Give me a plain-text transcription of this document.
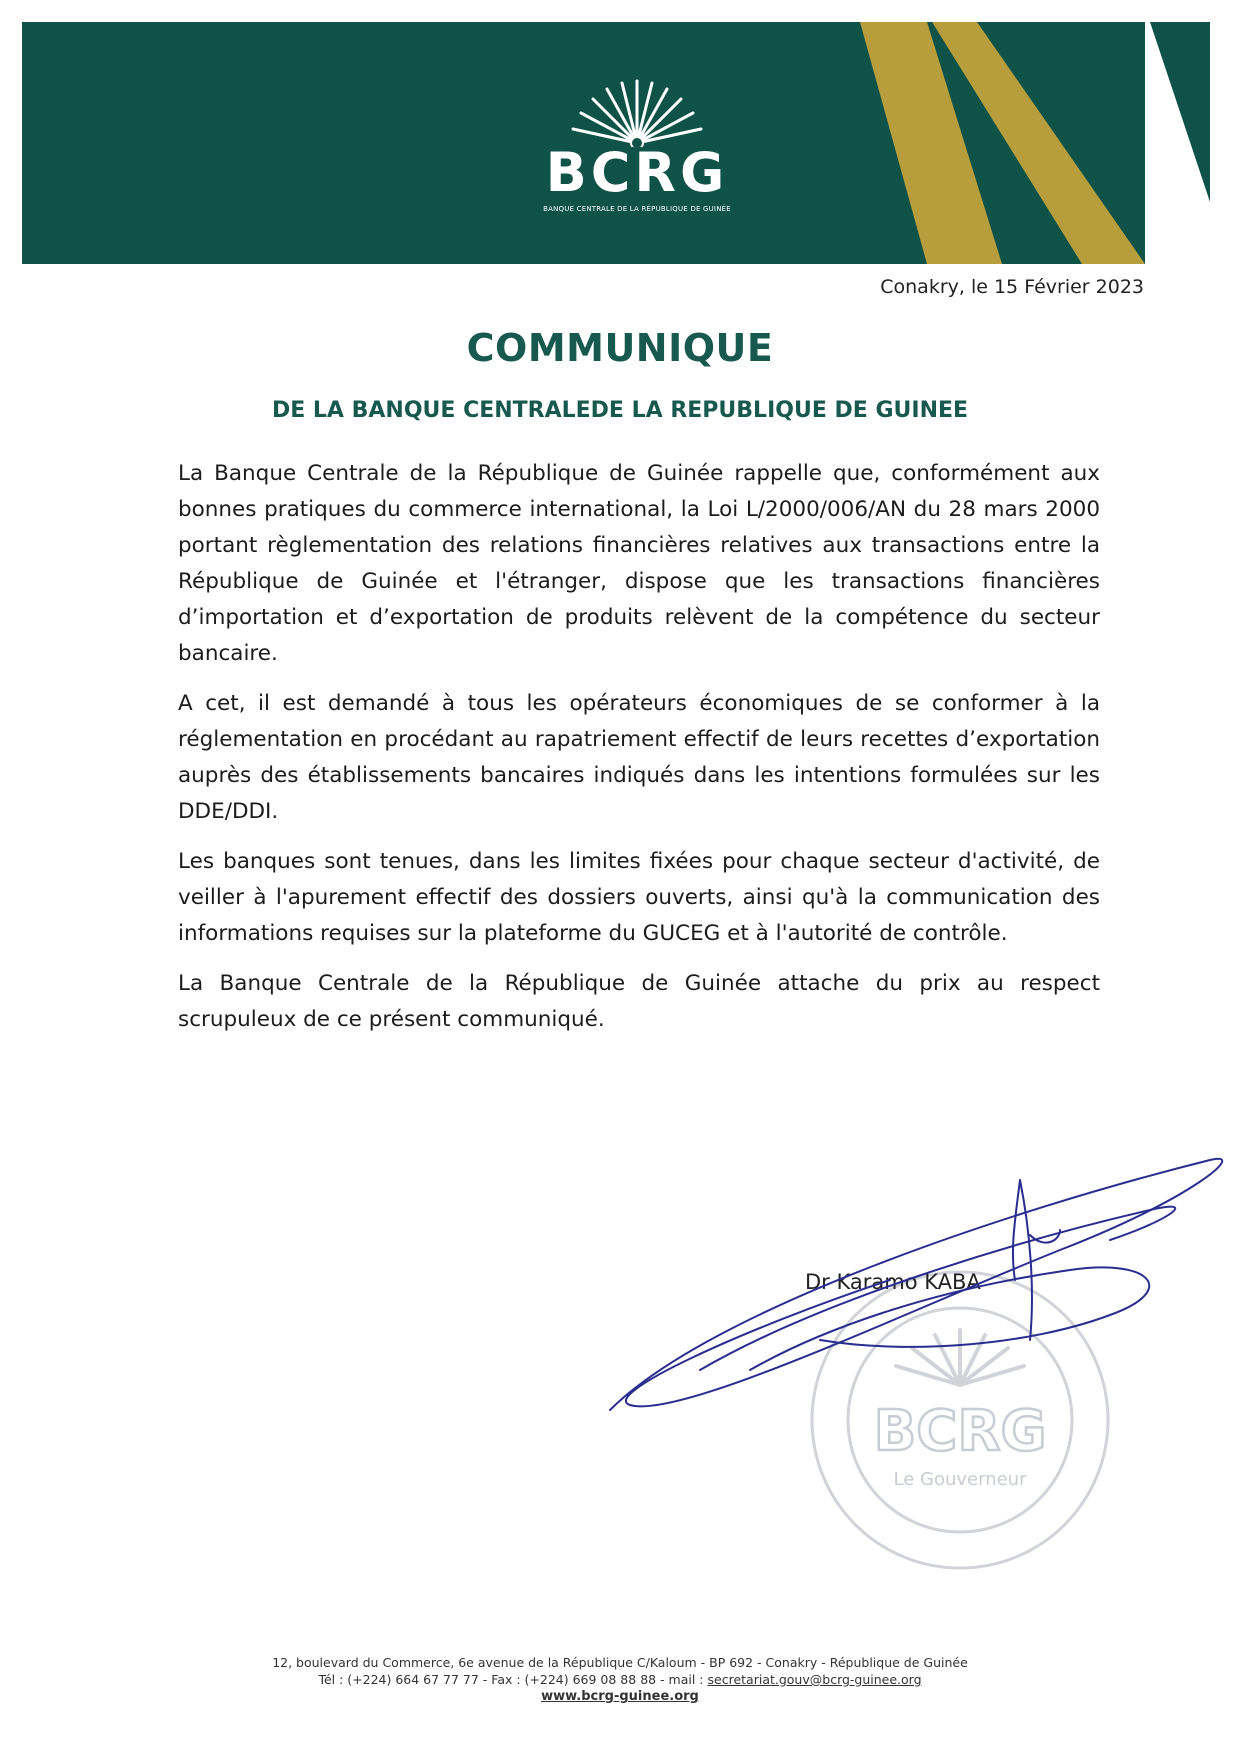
BCRG
BANQUE CENTRALE DE LA RÉPUBLIQUE DE GUINÉE
Conakry, le 15 Février 2023
COMMUNIQUE
DE LA BANQUE CENTRALEDE LA REPUBLIQUE DE GUINEE

La Banque Centrale de la République de Guinée rappelle que, conformément aux bonnes pratiques du commerce international, la Loi L/2000/006/AN du 28 mars 2000 portant règlementation des relations financières relatives aux transactions entre la République de Guinée et l'étranger, dispose que les transactions financières d’importation et d’exportation de produits relèvent de la compétence du secteur bancaire.

A cet, il est demandé à tous les opérateurs économiques de se conformer à la réglementation en procédant au rapatriement effectif de leurs recettes d’exportation auprès des établissements bancaires indiqués dans les intentions formulées sur les DDE/DDI.

Les banques sont tenues, dans les limites fixées pour chaque secteur d'activité, de veiller à l'apurement effectif des dossiers ouverts, ainsi qu'à la communication des informations requises sur la plateforme du GUCEG et à l'autorité de contrôle.

La Banque Centrale de la République de Guinée attache du prix au respect scrupuleux de ce présent communiqué.

BCRG
Le Gouverneur
Dr Karamo KABA
12, boulevard du Commerce, 6e avenue de la République C/Kaloum - BP 692 - Conakry - République de Guinée
Tél : (+224) 664 67 77 77 - Fax : (+224) 669 08 88 88 - mail : secretariat.gouv@bcrg-guinee.org
www.bcrg-guinee.org
